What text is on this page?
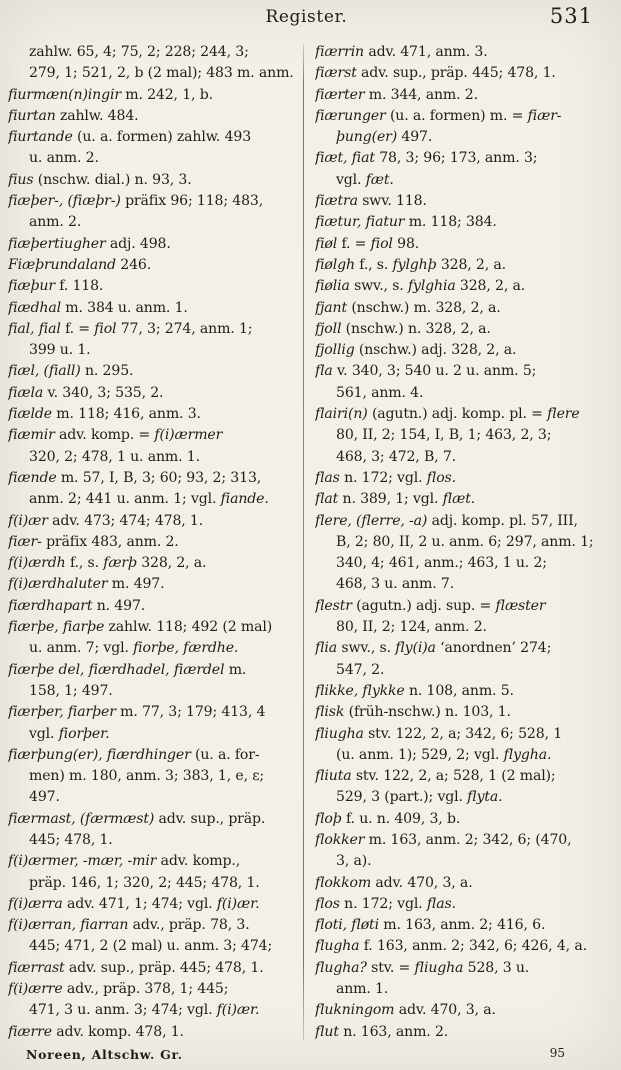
Register.	531
zahlw. 65, 4; 75, 2; 228; 244, 3;
279, 1; 521, 2, b (2 mal); 483 m. anm.
fiurmæn(n)ingir m. 242, 1, b.
fiurtan zahlw. 484.
fiurtande (u. a. formen) zahlw. 493
u. anm. 2.
fius (nschw. dial.) n. 93, 3.
fiæþer-, (fiæþr-) präfix 96; 118; 483,
anm. 2.
fiæþertiugher adj. 498.
Fiæþrundaland 246.
fiæþur f. 118.
fiædhal m. 384 u. anm. 1.
fial, fial f. = fiol 77, 3; 274, anm. 1;
399 u. 1.
fiæl, (fiall) n. 295.
fiæla v. 340, 3; 535, 2.
fiælde m. 118; 416, anm. 3.
fiæmir adv. komp. = f(i)ærmer
320, 2; 478, 1 u. anm. 1.
fiænde m. 57, I, B, 3; 60; 93, 2; 313,
anm. 2; 441 u. anm. 1; vgl. fiande.
f(i)ær adv. 473; 474; 478, 1.
fiær- präfix 483, anm. 2.
f(i)ærdh f., s. færþ 328, 2, a.
f(i)ærdhaluter m. 497.
fiærdhapart n. 497.
fiærþe, fiarþe zahlw. 118; 492 (2 mal)
u. anm. 7; vgl. fiorþe, færdhe.
fiærþe del, fiærdhadel, fiærdel m.
158, 1; 497.
fiærþer, fiarþer m. 77, 3; 179; 413, 4
vgl. fiorþer.
fiærþung(er), fiærdhinger (u. a. for-
men) m. 180, anm. 3; 383, 1, e, ε;
497.
fiærmast, (færmæst) adv. sup., präp.
445; 478, 1.
f(i)ærmer, -mær, -mir adv. komp.,
präp. 146, 1; 320, 2; 445; 478, 1.
f(i)ærra adv. 471, 1; 474; vgl. f(i)ær.
f(i)ærran, fiarran adv., präp. 78, 3.
445; 471, 2 (2 mal) u. anm. 3; 474;
fiærrast adv. sup., präp. 445; 478, 1.
f(i)ærre adv., präp. 378, 1; 445;
471, 3 u. anm. 3; 474; vgl. f(i)ær.
fiærre adv. komp. 478, 1.
fiærrin adv. 471, anm. 3.
fiærst adv. sup., präp. 445; 478, 1.
fiærter m. 344, anm. 2.
fiærunger (u. a. formen) m. = fiær-
þung(er) 497.
fiæt, fiat 78, 3; 96; 173, anm. 3;
vgl. fæt.
fiætra swv. 118.
fiætur, fiatur m. 118; 384.
fiøl f. = fiol 98.
fiølgh f., s. fylghþ 328, 2, a.
fiølia swv., s. fylghia 328, 2, a.
fjant (nschw.) m. 328, 2, a.
fjoll (nschw.) n. 328, 2, a.
fjollig (nschw.) adj. 328, 2, a.
fla v. 340, 3; 540 u. 2 u. anm. 5;
561, anm. 4.
flairi(n) (agutn.) adj. komp. pl. = flere
80, II, 2; 154, I, B, 1; 463, 2, 3;
468, 3; 472, B, 7.
flas n. 172; vgl. flos.
flat n. 389, 1; vgl. flæt.
flere, (flerre, -a) adj. komp. pl. 57, III,
B, 2; 80, II, 2 u. anm. 6; 297, anm. 1;
340, 4; 461, anm.; 463, 1 u. 2;
468, 3 u. anm. 7.
flestr (agutn.) adj. sup. = flæster
80, II, 2; 124, anm. 2.
flia swv., s. fly(i)a ‘anordnen’ 274;
547, 2.
flikke, flykke n. 108, anm. 5.
flisk (früh-nschw.) n. 103, 1.
fliugha stv. 122, 2, a; 342, 6; 528, 1
(u. anm. 1); 529, 2; vgl. flygha.
fliuta stv. 122, 2, a; 528, 1 (2 mal);
529, 3 (part.); vgl. flyta.
floþ f. u. n. 409, 3, b.
flokker m. 163, anm. 2; 342, 6; (470,
3, a).
flokkom adv. 470, 3, a.
flos n. 172; vgl. flas.
floti, fløti m. 163, anm. 2; 416, 6.
flugha f. 163, anm. 2; 342, 6; 426, 4, a.
flugha? stv. = fliugha 528, 3 u.
anm. 1.
flukningom adv. 470, 3, a.
flut n. 163, anm. 2.
Noreen, Altschw. Gr.	95
